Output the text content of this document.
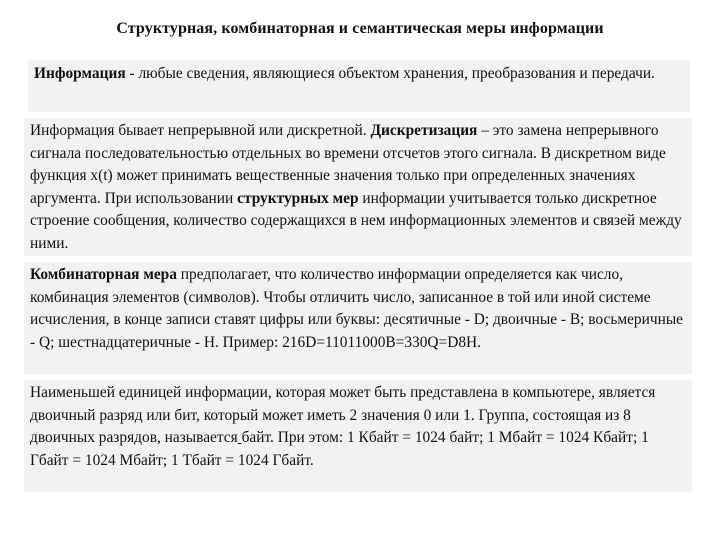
Структурная, комбинаторная и семантическая меры информации

Информация - любые сведения, являющиеся объектом хранения, преобразования и передачи.

Информация бывает непрерывной или дискретной. Дискретизация – это замена непрерывного сигнала последовательностью отдельных во времени отсчетов этого сигнала. В дискретном виде функция x(t) может принимать вещественные значения только при определенных значениях аргумента. При использовании структурных мер информации учитывается только дискретное строение сообщения, количество содержащихся в нем информационных элементов и связей между ними.

Комбинаторная мера предполагает, что количество информации определяется как число, комбинация элементов (символов). Чтобы отличить число, записанное в той или иной системе исчисления, в конце записи ставят цифры или буквы: десятичные - D; двоичные - B; восьмеричные - Q; шестнадцатеричные - H. Пример: 216D=11011000B=330Q=D8H.

Наименьшей единицей информации, которая может быть представлена в компьютере, является двоичный разряд или бит, который может иметь 2 значения 0 или 1. Группа, состоящая из 8 двоичных разрядов, называется байт. При этом: 1 Кбайт = 1024 байт; 1 Мбайт = 1024 Кбайт; 1 Гбайт = 1024 Мбайт; 1 Тбайт = 1024 Гбайт.
